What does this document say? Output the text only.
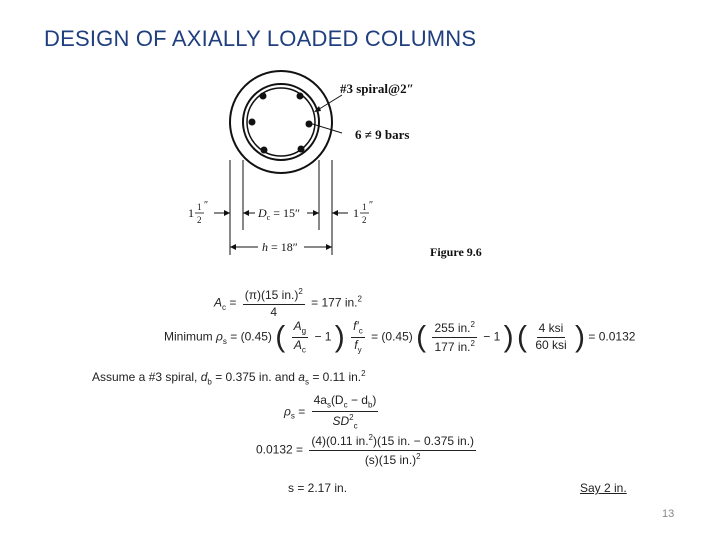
DESIGN OF AXIALLY LOADED COLUMNS
#3 spiral@2″
6 ≠ 9 bars
1 1
2
″
1 1
2
″
$D_c = 15''$
h = 18″	Figure 9.6
$A_c = \frac{(\pi)(15 in.)^2}{4} = 177$ in.$^2$
Minimum $\rho_s = (0.45)$ ( $\frac{A_g}{A_c} - 1$ ) $\frac{f'_c}{f_y} = (0.45)$ ( $\frac{255 in.^2}{177 in.^2} - 1$ ) ( $\frac{\text{4 ksi}}{\text{60 ksi}}$ ) = 0.0132
Assume a #3 spiral, $d_b = 0.375$ in. and $a_s = 0.11$ in.$^2$
$\rho_s = \frac{4a_s(D_c - d_b)}{SD^2_c}$
$0.0132 = \frac{(4)(0.11 in.^2)(15 in. - 0.375 in.)}{(s)(15 in.)^2}$
s = 2.17 in.	Say 2 in.
13
